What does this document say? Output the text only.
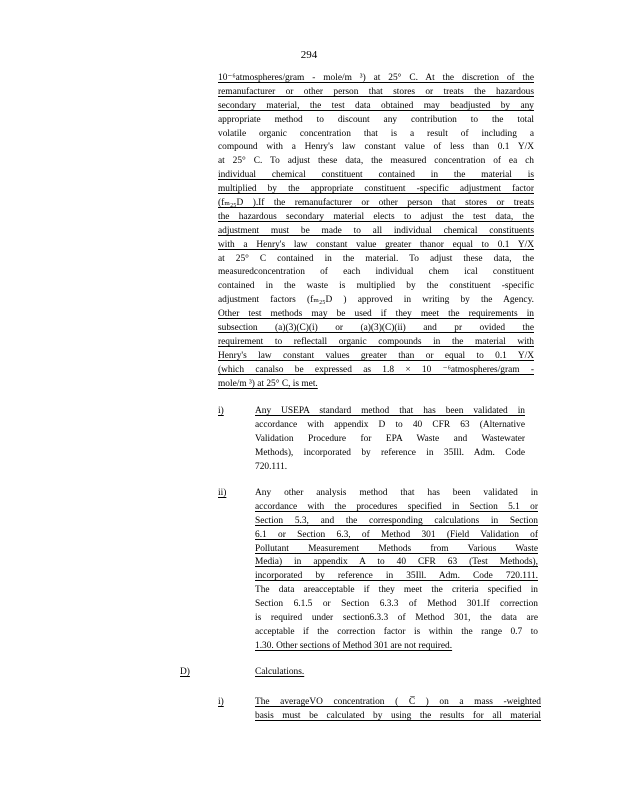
294
10⁻⁶atmospheres/gram - mole/m ³) at 25° C. At the discretion of the
remanufacturer or other person that stores or treats the hazardous
secondary material, the test data obtained may beadjusted by any
appropriate method to discount any contribution to the total
volatile organic concentration that is a result of including a
compound with a Henry's law constant value of less than 0.1 Y/X
at 25° C. To adjust these data, the measured concentration of ea ch
individual chemical constituent contained in the material is
multiplied by the appropriate constituent -specific adjustment factor
(fₘ₂₅D ).If the remanufacturer or other person that stores or treats
the hazardous secondary material elects to adjust the test data, the
adjustment must be made to all individual chemical constituents
with a Henry's law constant value greater thanor equal to 0.1 Y/X
at 25° C contained in the material. To adjust these data, the
measuredconcentration of each individual chem ical constituent
contained in the waste is multiplied by the constituent -specific
adjustment factors (fₘ₂₅D ) approved in writing by the Agency.
Other test methods may be used if they meet the requirements in
subsection (a)(3)(C)(i) or (a)(3)(C)(ii) and pr ovided the
requirement to reflectall organic compounds in the material with
Henry's law constant values greater than or equal to 0.1 Y/X
(which canalso be expressed as 1.8 × 10 ⁻⁶atmospheres/gram -
mole/m ³) at 25° C, is met.
i)	Any USEPA standard method that has been validated in
accordance with appendix D to 40 CFR 63 (Alternative
Validation Procedure for EPA Waste and Wastewater
Methods), incorporated by reference in 35Ill. Adm. Code
720.111.
ii)	Any other analysis method that has been validated in
accordance with the procedures specified in Section 5.1 or
Section 5.3, and the corresponding calculations in Section
6.1 or Section 6.3, of Method 301 (Field Validation of
Pollutant Measurement Methods from Various Waste
Media) in appendix A to 40 CFR 63 (Test Methods),
incorporated by reference in 35Ill. Adm. Code 720.111.
The data areacceptable if they meet the criteria specified in
Section 6.1.5 or Section 6.3.3 of Method 301.If correction
is required under section6.3.3 of Method 301, the data are
acceptable if the correction factor is within the range 0.7 to
1.30. Other sections of Method 301 are not required.
D)	Calculations.
i)	The averageVO concentration ( C̅ ) on a mass -weighted
basis must be calculated by using the results for all material
